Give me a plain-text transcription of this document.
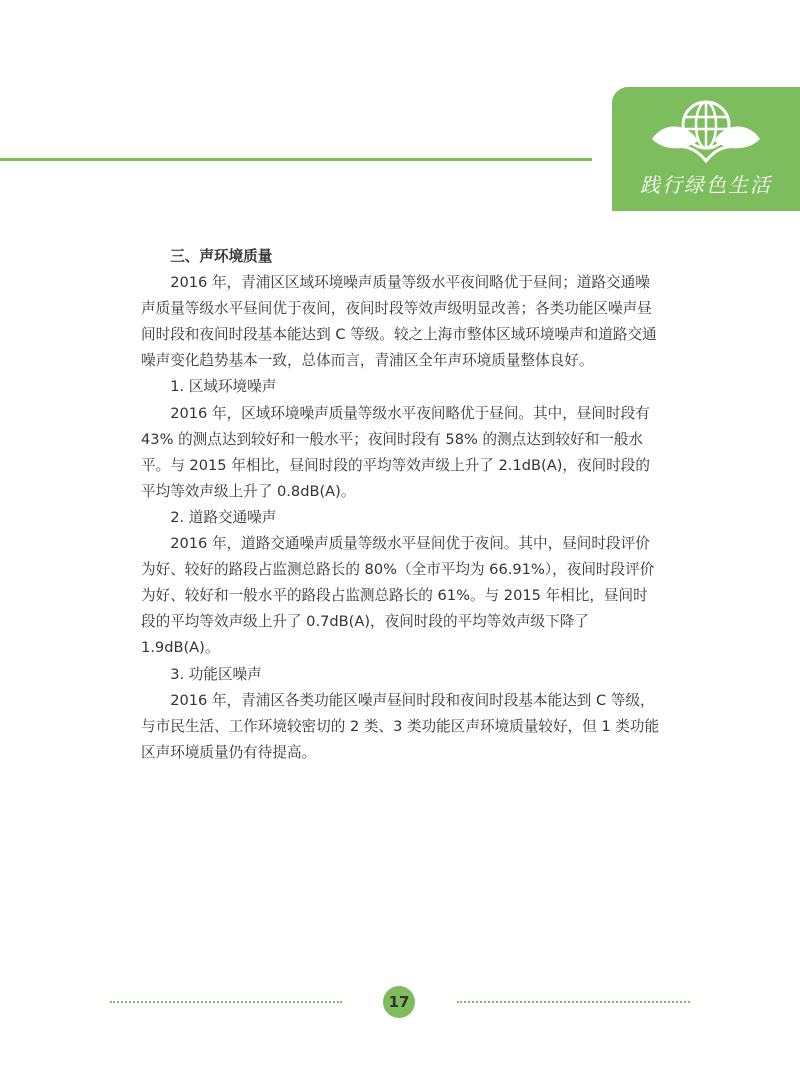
践行绿色生活
三、声环境质量

2016 年，青浦区区域环境噪声质量等级水平夜间略优于昼间；道路交通噪声质量等级水平昼间优于夜间，夜间时段等效声级明显改善；各类功能区噪声昼间时段和夜间时段基本能达到 C 等级。较之上海市整体区域环境噪声和道路交通噪声变化趋势基本一致，总体而言，青浦区全年声环境质量整体良好。

1. 区域环境噪声

2016 年，区域环境噪声质量等级水平夜间略优于昼间。其中，昼间时段有 43% 的测点达到较好和一般水平；夜间时段有 58% 的测点达到较好和一般水平。与 2015 年相比，昼间时段的平均等效声级上升了 2.1dB(A)，夜间时段的平均等效声级上升了 0.8dB(A)。

2. 道路交通噪声

2016 年，道路交通噪声质量等级水平昼间优于夜间。其中，昼间时段评价为好、较好的路段占监测总路长的 80%（全市平均为 66.91%），夜间时段评价为好、较好和一般水平的路段占监测总路长的 61%。与 2015 年相比，昼间时段的平均等效声级上升了 0.7dB(A)，夜间时段的平均等效声级下降了 1.9dB(A)。

3. 功能区噪声

2016 年，青浦区各类功能区噪声昼间时段和夜间时段基本能达到 C 等级，与市民生活、工作环境较密切的 2 类、3 类功能区声环境质量较好，但 1 类功能区声环境质量仍有待提高。

17
